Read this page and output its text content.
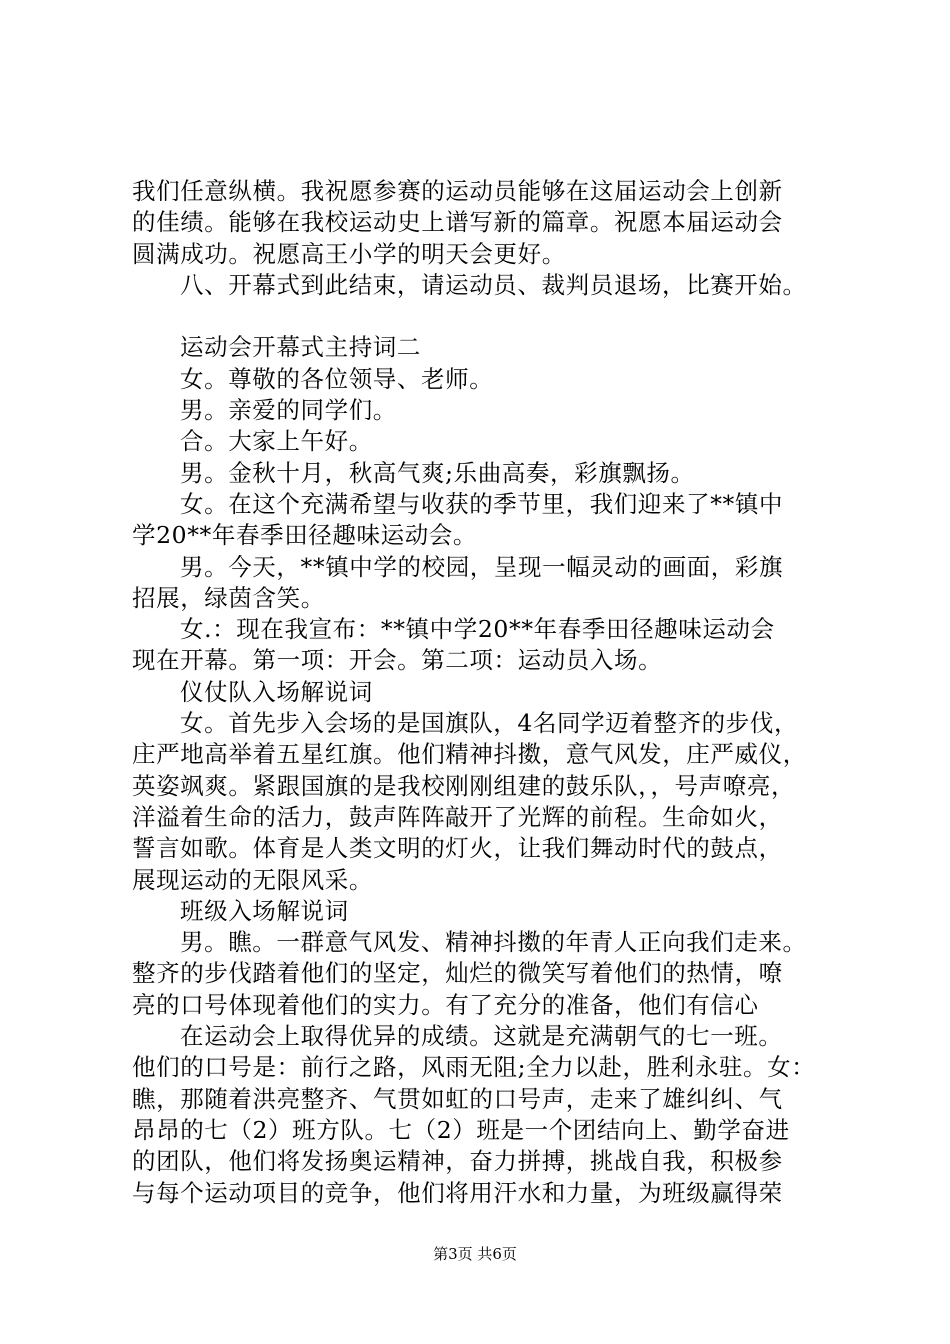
我们任意纵横。我祝愿参赛的运动员能够在这届运动会上创新
的佳绩。能够在我校运动史上谱写新的篇章。祝愿本届运动会
圆满成功。祝愿高王小学的明天会更好。
八、开幕式到此结束，请运动员、裁判员退场，比赛开始。
运动会开幕式主持词二
女。尊敬的各位领导、老师。
男。亲爱的同学们。
合。大家上午好。
男。金秋十月，秋高气爽;乐曲高奏，彩旗飘扬。
女。在这个充满希望与收获的季节里，我们迎来了**镇中
学20**年春季田径趣味运动会。
男。今天，**镇中学的校园，呈现一幅灵动的画面，彩旗
招展，绿茵含笑。
女.：现在我宣布：**镇中学20**年春季田径趣味运动会
现在开幕。第一项：开会。第二项：运动员入场。
仪仗队入场解说词
女。首先步入会场的是国旗队，4名同学迈着整齐的步伐，
庄严地高举着五星红旗。他们精神抖擞，意气风发，庄严威仪，
英姿飒爽。紧跟国旗的是我校刚刚组建的鼓乐队，，号声嘹亮，
洋溢着生命的活力，鼓声阵阵敲开了光辉的前程。生命如火，
誓言如歌。体育是人类文明的灯火，让我们舞动时代的鼓点，
展现运动的无限风采。
班级入场解说词
男。瞧。一群意气风发、精神抖擞的年青人正向我们走来。
整齐的步伐踏着他们的坚定，灿烂的微笑写着他们的热情，嘹
亮的口号体现着他们的实力。有了充分的准备，他们有信心
在运动会上取得优异的成绩。这就是充满朝气的七一班。
他们的口号是：前行之路，风雨无阻;全力以赴，胜利永驻。女：
瞧，那随着洪亮整齐、气贯如虹的口号声，走来了雄纠纠、气
昂昂的七（2）班方队。七（2）班是一个团结向上、勤学奋进
的团队，他们将发扬奥运精神，奋力拼搏，挑战自我，积极参
与每个运动项目的竞争，他们将用汗水和力量，为班级赢得荣
第3页 共6页
